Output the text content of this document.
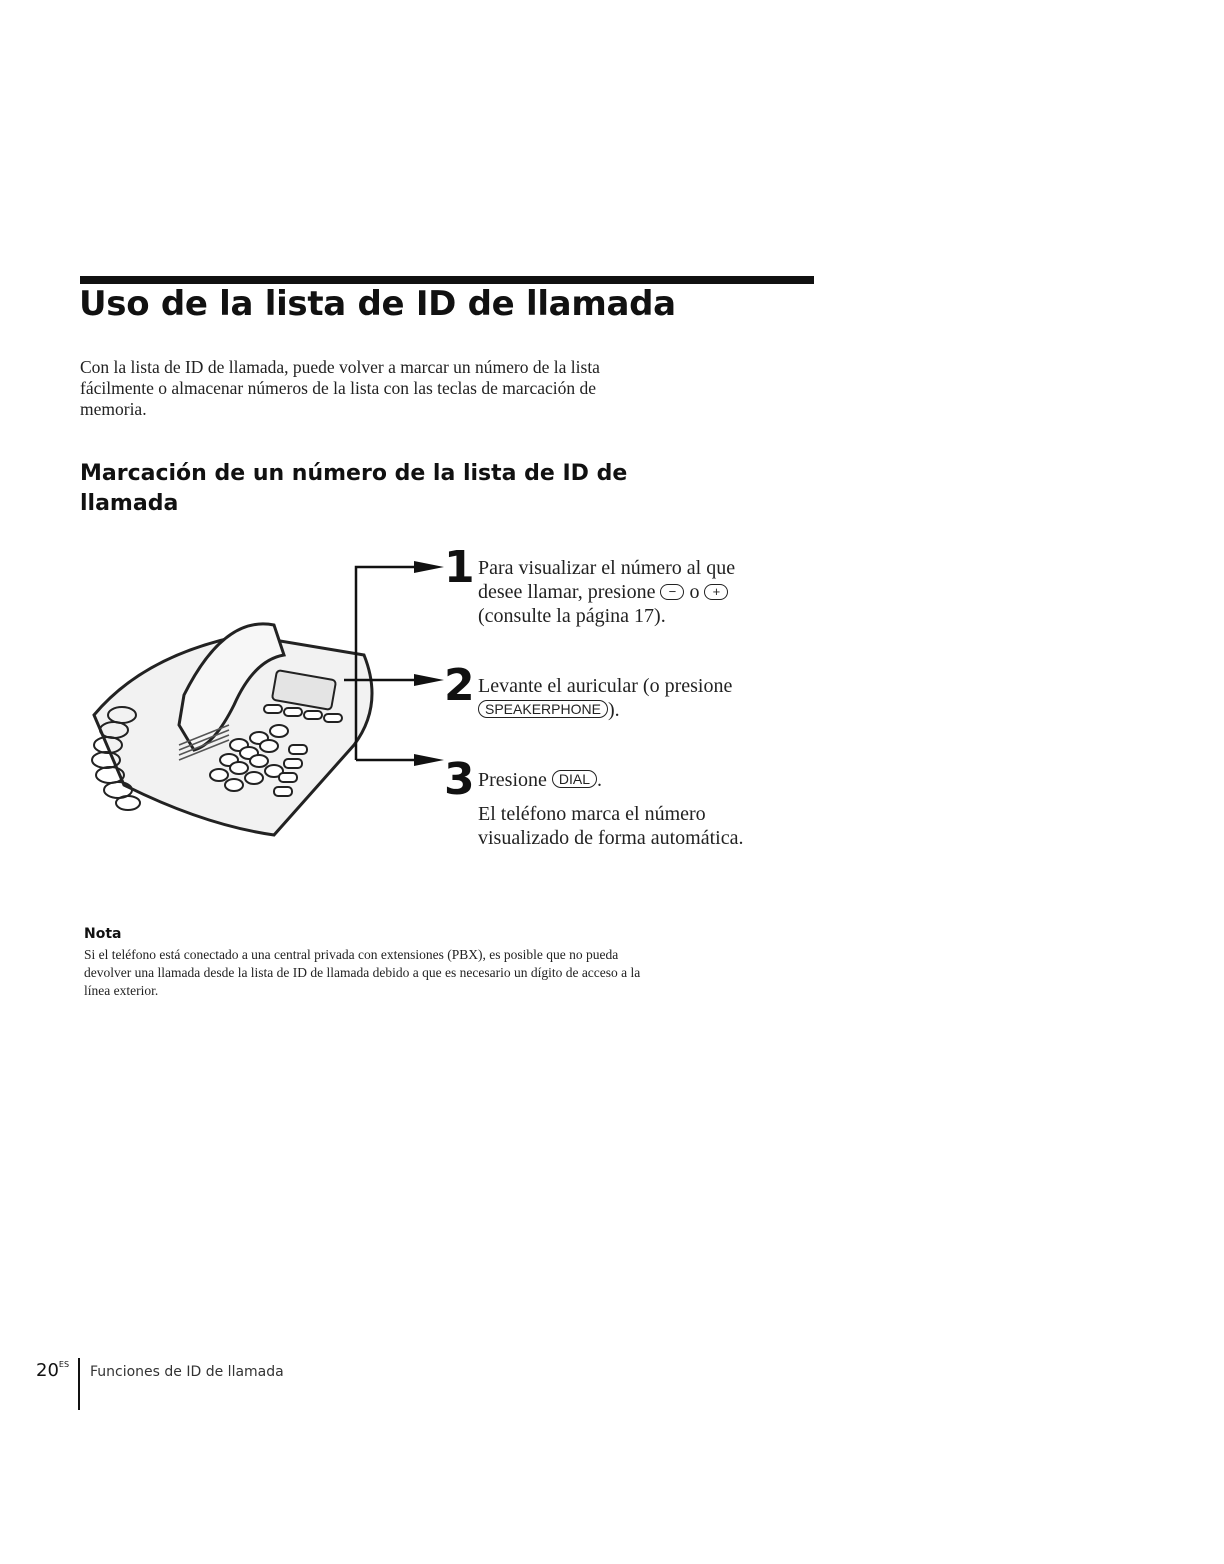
Uso de la lista de ID de llamada

Con la lista de ID de llamada, puede volver a marcar un número de la lista fácilmente o almacenar números de la lista con las teclas de marcación de memoria.

Marcación de un número de la lista de ID de llamada
1 Para visualizar el número al que desee llamar, presione − o + (consulte la página 17).

2 Levante el auricular (o presione SPEAKERPHONE ).

3 Presione DIAL .

El teléfono marca el número visualizado de forma automática.

Nota

Si el teléfono está conectado a una central privada con extensiones (PBX), es posible que no pueda devolver una llamada desde la lista de ID de llamada debido a que es necesario un dígito de acceso a la línea exterior.

$20^{ES}$ Funciones de ID de llamada
